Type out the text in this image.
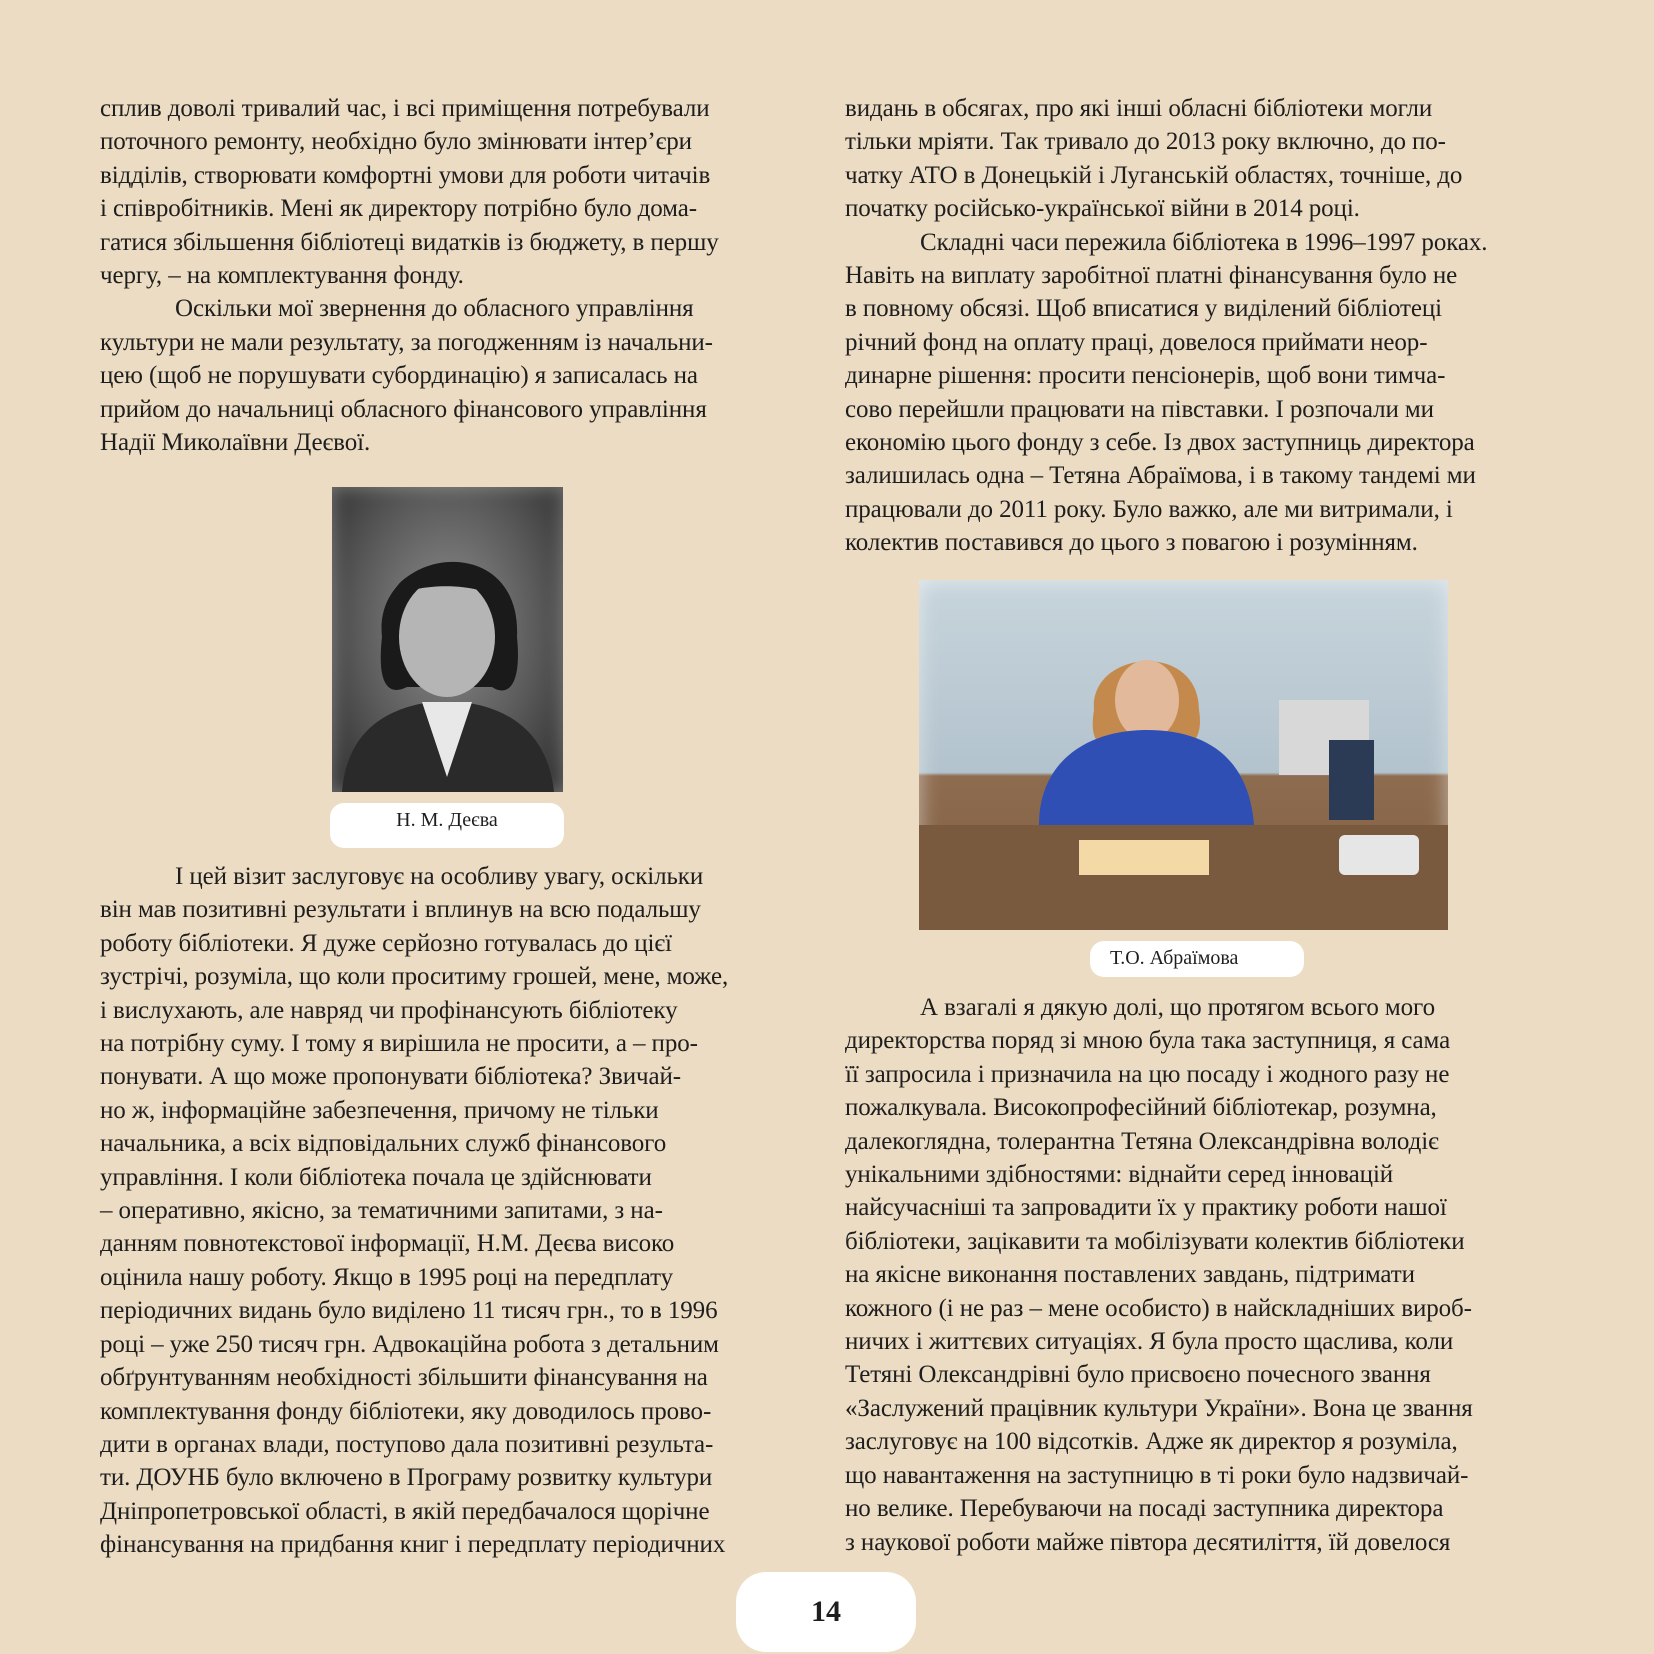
сплив доволі тривалий час, і всі приміщення потребували
поточного ремонту, необхідно було змінювати інтер’єри
відділів, створювати комфортні умови для роботи читачів
і співробітників. Мені як директору потрібно було дома-
гатися збільшення бібліотеці видатків із бюджету, в першу
чергу, – на комплектування фонду.

Оскільки мої звернення до обласного управління
культури не мали результату, за погодженням із начальни-
цею (щоб не порушувати субординацію) я записалась на
прийом до начальниці обласного фінансового управління
Надії Миколаївни Деєвої.

Н. М. Деєва

І цей візит заслуговує на особливу увагу, оскільки
він мав позитивні результати і вплинув на всю подальшу
роботу бібліотеки. Я дуже серйозно готувалась до цієї
зустрічі, розуміла, що коли проситиму грошей, мене, може,
і вислухають, але навряд чи профінансують бібліотеку
на потрібну суму. І тому я вирішила не просити, а – про-
понувати. А що може пропонувати бібліотека? Звичай-
но ж, інформаційне забезпечення, причому не тільки
начальника, а всіх відповідальних служб фінансового
управління. І коли бібліотека почала це здійснювати
– оперативно, якісно, за тематичними запитами, з на-
данням повнотекстової інформації, Н.М. Деєва високо
оцінила нашу роботу. Якщо в 1995 році на передплату
періодичних видань було виділено 11 тисяч грн., то в 1996
році – уже 250 тисяч грн. Адвокаційна робота з детальним
обґрунтуванням необхідності збільшити фінансування на
комплектування фонду бібліотеки, яку доводилось прово-
дити в органах влади, поступово дала позитивні результа-
ти. ДОУНБ було включено в Програму розвитку культури
Дніпропетровської області, в якій передбачалося щорічне
фінансування на придбання книг і передплату періодичних

видань в обсягах, про які інші обласні бібліотеки могли
тільки мріяти. Так тривало до 2013 року включно, до по-
чатку АТО в Донецькій і Луганській областях, точніше, до
початку російсько-української війни в 2014 році.

Складні часи пережила бібліотека в 1996–1997 роках.
Навіть на виплату заробітної платні фінансування було не
в повному обсязі. Щоб вписатися у виділений бібліотеці
річний фонд на оплату праці, довелося приймати неор-
динарне рішення: просити пенсіонерів, щоб вони тимча-
сово перейшли працювати на півставки. І розпочали ми
економію цього фонду з себе. Із двох заступниць директора
залишилась одна – Тетяна Абраїмова, і в такому тандемі ми
працювали до 2011 року. Було важко, але ми витримали, і
колектив поставився до цього з повагою і розумінням.

Т.О. Абраїмова

А взагалі я дякую долі, що протягом всього мого
директорства поряд зі мною була така заступниця, я сама
її запросила і призначила на цю посаду і жодного разу не
пожалкувала. Високопрофесійний бібліотекар, розумна,
далекоглядна, толерантна Тетяна Олександрівна володіє
унікальними здібностями: віднайти серед інновацій
найсучасніші та запровадити їх у практику роботи нашої
бібліотеки, зацікавити та мобілізувати колектив бібліотеки
на якісне виконання поставлених завдань, підтримати
кожного (і не раз – мене особисто) в найскладніших вироб-
ничих і життєвих ситуаціях. Я була просто щаслива, коли
Тетяні Олександрівні було присвоєно почесного звання
«Заслужений працівник культури України». Вона це звання
заслуговує на 100 відсотків. Адже як директор я розуміла,
що навантаження на заступницю в ті роки було надзвичай-
но велике. Перебуваючи на посаді заступника директора
з наукової роботи майже півтора десятиліття, їй довелося

14
